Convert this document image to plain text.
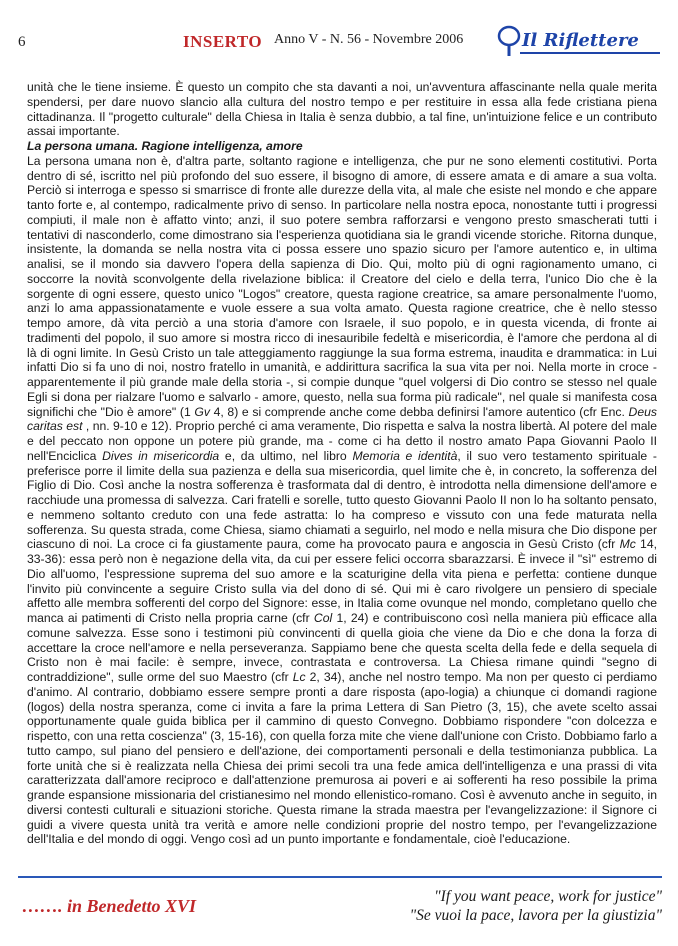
6	INSERTO Anno V - N. 56 - Novembre 2006	Il Riflettere

unità che le tiene insieme. È questo un compito che sta davanti a noi, un'avventura affascinante nella quale merita spendersi, per dare nuovo slancio alla cultura del nostro tempo e per restituire in essa alla fede cristiana piena cittadinanza. Il "progetto culturale" della Chiesa in Italia è senza dubbio, a tal fine, un'intuizione felice e un contributo assai importante.

La persona umana. Ragione intelligenza, amore

La persona umana non è, d'altra parte, soltanto ragione e intelligenza, che pur ne sono elementi costitutivi. Porta dentro di sé, iscritto nel più profondo del suo essere, il bisogno di amore, di essere amata e di amare a sua volta. Perciò si interroga e spesso si smarrisce di fronte alle durezze della vita, al male che esiste nel mondo e che appare tanto forte e, al contempo, radicalmente privo di senso. In particolare nella nostra epoca, nonostante tutti i progressi compiuti, il male non è affatto vinto; anzi, il suo potere sembra rafforzarsi e vengono presto smascherati tutti i tentativi di nasconderlo, come dimostrano sia l'esperienza quotidiana sia le grandi vicende storiche. Ritorna dunque, insistente, la domanda se nella nostra vita ci possa essere uno spazio sicuro per l'amore autentico e, in ultima analisi, se il mondo sia davvero l'opera della sapienza di Dio. Qui, molto più di ogni ragionamento umano, ci soccorre la novità sconvolgente della rivelazione biblica: il Creatore del cielo e della terra, l'unico Dio che è la sorgente di ogni essere, questo unico "Logos" creatore, questa ragione creatrice, sa amare personalmente l'uomo, anzi lo ama appassionatamente e vuole essere a sua volta amato. Questa ragione creatrice, che è nello stesso tempo amore, dà vita perciò a una storia d'amore con Israele, il suo popolo, e in questa vicenda, di fronte ai tradimenti del popolo, il suo amore si mostra ricco di inesauribile fedeltà e misericordia, è l'amore che perdona al di là di ogni limite. In Gesù Cristo un tale atteggiamento raggiunge la sua forma estrema, inaudita e drammatica: in Lui infatti Dio si fa uno di noi, nostro fratello in umanità, e addirittura sacrifica la sua vita per noi. Nella morte in croce - apparentemente il più grande male della storia -, si compie dunque "quel volgersi di Dio contro se stesso nel quale Egli si dona per rialzare l'uomo e salvarlo - amore, questo, nella sua forma più radicale", nel quale si manifesta cosa significhi che "Dio è amore" (1 Gv 4, 8) e si comprende anche come debba definirsi l'amore autentico (cfr Enc. Deus caritas est , nn. 9-10 e 12). Proprio perché ci ama veramente, Dio rispetta e salva la nostra libertà. Al potere del male e del peccato non oppone un potere più grande, ma - come ci ha detto il nostro amato Papa Giovanni Paolo II nell'Enciclica Dives in misericordia e, da ultimo, nel libro Memoria e identità, il suo vero testamento spirituale - preferisce porre il limite della sua pazienza e della sua misericordia, quel limite che è, in concreto, la sofferenza del Figlio di Dio. Così anche la nostra sofferenza è trasformata dal di dentro, è introdotta nella dimensione dell'amore e racchiude una promessa di salvezza. Cari fratelli e sorelle, tutto questo Giovanni Paolo II non lo ha soltanto pensato, e nemmeno soltanto creduto con una fede astratta: lo ha compreso e vissuto con una fede maturata nella sofferenza. Su questa strada, come Chiesa, siamo chiamati a seguirlo, nel modo e nella misura che Dio dispone per ciascuno di noi. La croce ci fa giustamente paura, come ha provocato paura e angoscia in Gesù Cristo (cfr Mc 14, 33-36): essa però non è negazione della vita, da cui per essere felici occorra sbarazzarsi. È invece il "sì" estremo di Dio all'uomo, l'espressione suprema del suo amore e la scaturigine della vita piena e perfetta: contiene dunque l'invito più convincente a seguire Cristo sulla via del dono di sé. Qui mi è caro rivolgere un pensiero di speciale affetto alle membra sofferenti del corpo del Signore: esse, in Italia come ovunque nel mondo, completano quello che manca ai patimenti di Cristo nella propria carne (cfr Col 1, 24) e contribuiscono così nella maniera più efficace alla comune salvezza. Esse sono i testimoni più convincenti di quella gioia che viene da Dio e che dona la forza di accettare la croce nell'amore e nella perseveranza. Sappiamo bene che questa scelta della fede e della sequela di Cristo non è mai facile: è sempre, invece, contrastata e controversa. La Chiesa rimane quindi "segno di contraddizione", sulle orme del suo Maestro (cfr Lc 2, 34), anche nel nostro tempo. Ma non per questo ci perdiamo d'animo. Al contrario, dobbiamo essere sempre pronti a dare risposta (apo-logia) a chiunque ci domandi ragione (logos) della nostra speranza, come ci invita a fare la prima Lettera di San Pietro (3, 15), che avete scelto assai opportunamente quale guida biblica per il cammino di questo Convegno. Dobbiamo rispondere "con dolcezza e rispetto, con una retta coscienza" (3, 15-16), con quella forza mite che viene dall'unione con Cristo. Dobbiamo farlo a tutto campo, sul piano del pensiero e dell'azione, dei comportamenti personali e della testimonianza pubblica. La forte unità che si è realizzata nella Chiesa dei primi secoli tra una fede amica dell'intelligenza e una prassi di vita caratterizzata dall'amore reciproco e dall'attenzione premurosa ai poveri e ai sofferenti ha reso possibile la prima grande espansione missionaria del cristianesimo nel mondo ellenistico-romano. Così è avvenuto anche in seguito, in diversi contesti culturali e situazioni storiche. Questa rimane la strada maestra per l'evangelizzazione: il Signore ci guidi a vivere questa unità tra verità e amore nelle condizioni proprie del nostro tempo, per l'evangelizzazione dell'Italia e del mondo di oggi. Vengo così ad un punto importante e fondamentale, cioè l'educazione.

……. in Benedetto XVI	"If you want peace, work for justice"
"Se vuoi la pace, lavora per la giustizia"
